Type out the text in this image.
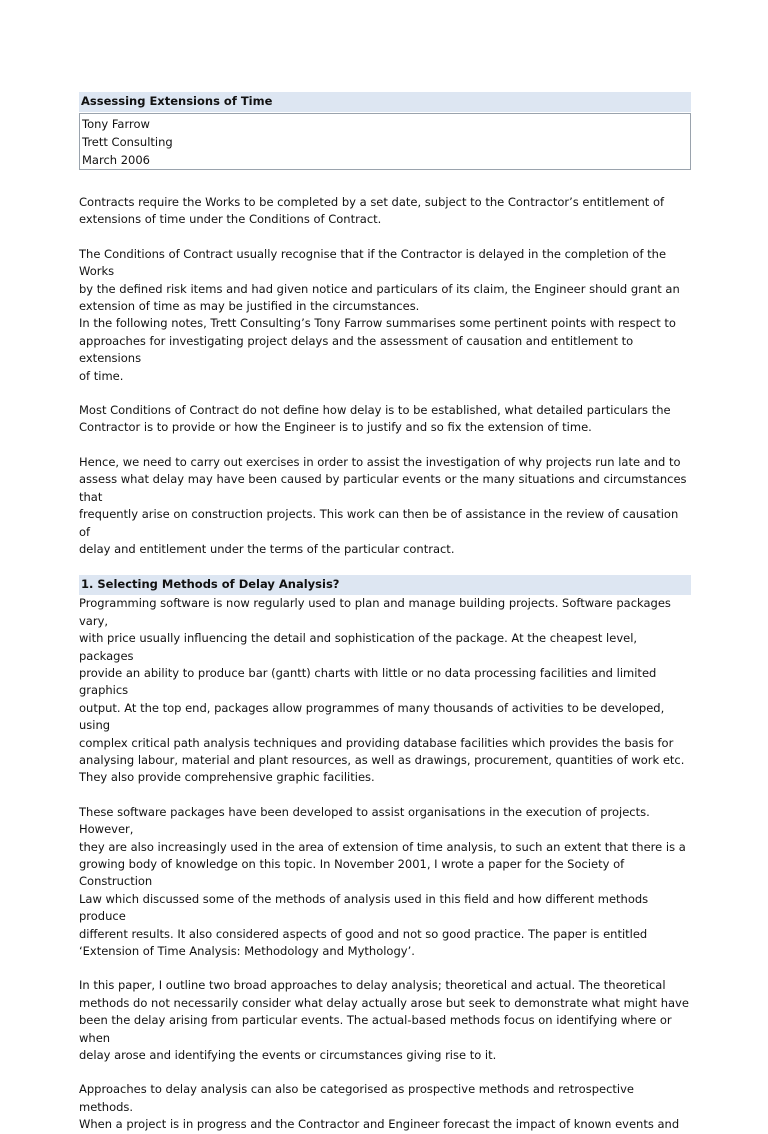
Assessing Extensions of Time
Tony Farrow
Trett Consulting
March 2006

Contracts require the Works to be completed by a set date, subject to the Contractor’s entitlement of
extensions of time under the Conditions of Contract.

The Conditions of Contract usually recognise that if the Contractor is delayed in the completion of the Works
by the defined risk items and had given notice and particulars of its claim, the Engineer should grant an
extension of time as may be justified in the circumstances.

In the following notes, Trett Consulting’s Tony Farrow summarises some pertinent points with respect to
approaches for investigating project delays and the assessment of causation and entitlement to extensions
of time.

Most Conditions of Contract do not define how delay is to be established, what detailed particulars the
Contractor is to provide or how the Engineer is to justify and so fix the extension of time.

Hence, we need to carry out exercises in order to assist the investigation of why projects run late and to
assess what delay may have been caused by particular events or the many situations and circumstances that
frequently arise on construction projects. This work can then be of assistance in the review of causation of
delay and entitlement under the terms of the particular contract.

1. Selecting Methods of Delay Analysis?

Programming software is now regularly used to plan and manage building projects. Software packages vary,
with price usually influencing the detail and sophistication of the package. At the cheapest level, packages
provide an ability to produce bar (gantt) charts with little or no data processing facilities and limited graphics
output. At the top end, packages allow programmes of many thousands of activities to be developed, using
complex critical path analysis techniques and providing database facilities which provides the basis for
analysing labour, material and plant resources, as well as drawings, procurement, quantities of work etc.
They also provide comprehensive graphic facilities.

These software packages have been developed to assist organisations in the execution of projects. However,
they are also increasingly used in the area of extension of time analysis, to such an extent that there is a
growing body of knowledge on this topic. In November 2001, I wrote a paper for the Society of Construction
Law which discussed some of the methods of analysis used in this field and how different methods produce
different results. It also considered aspects of good and not so good practice. The paper is entitled
‘Extension of Time Analysis: Methodology and Mythology’.

In this paper, I outline two broad approaches to delay analysis; theoretical and actual. The theoretical
methods do not necessarily consider what delay actually arose but seek to demonstrate what might have
been the delay arising from particular events. The actual-based methods focus on identifying where or when
delay arose and identifying the events or circumstances giving rise to it.

Approaches to delay analysis can also be categorised as prospective methods and retrospective methods.
When a project is in progress and the Contractor and Engineer forecast the impact of known events and
